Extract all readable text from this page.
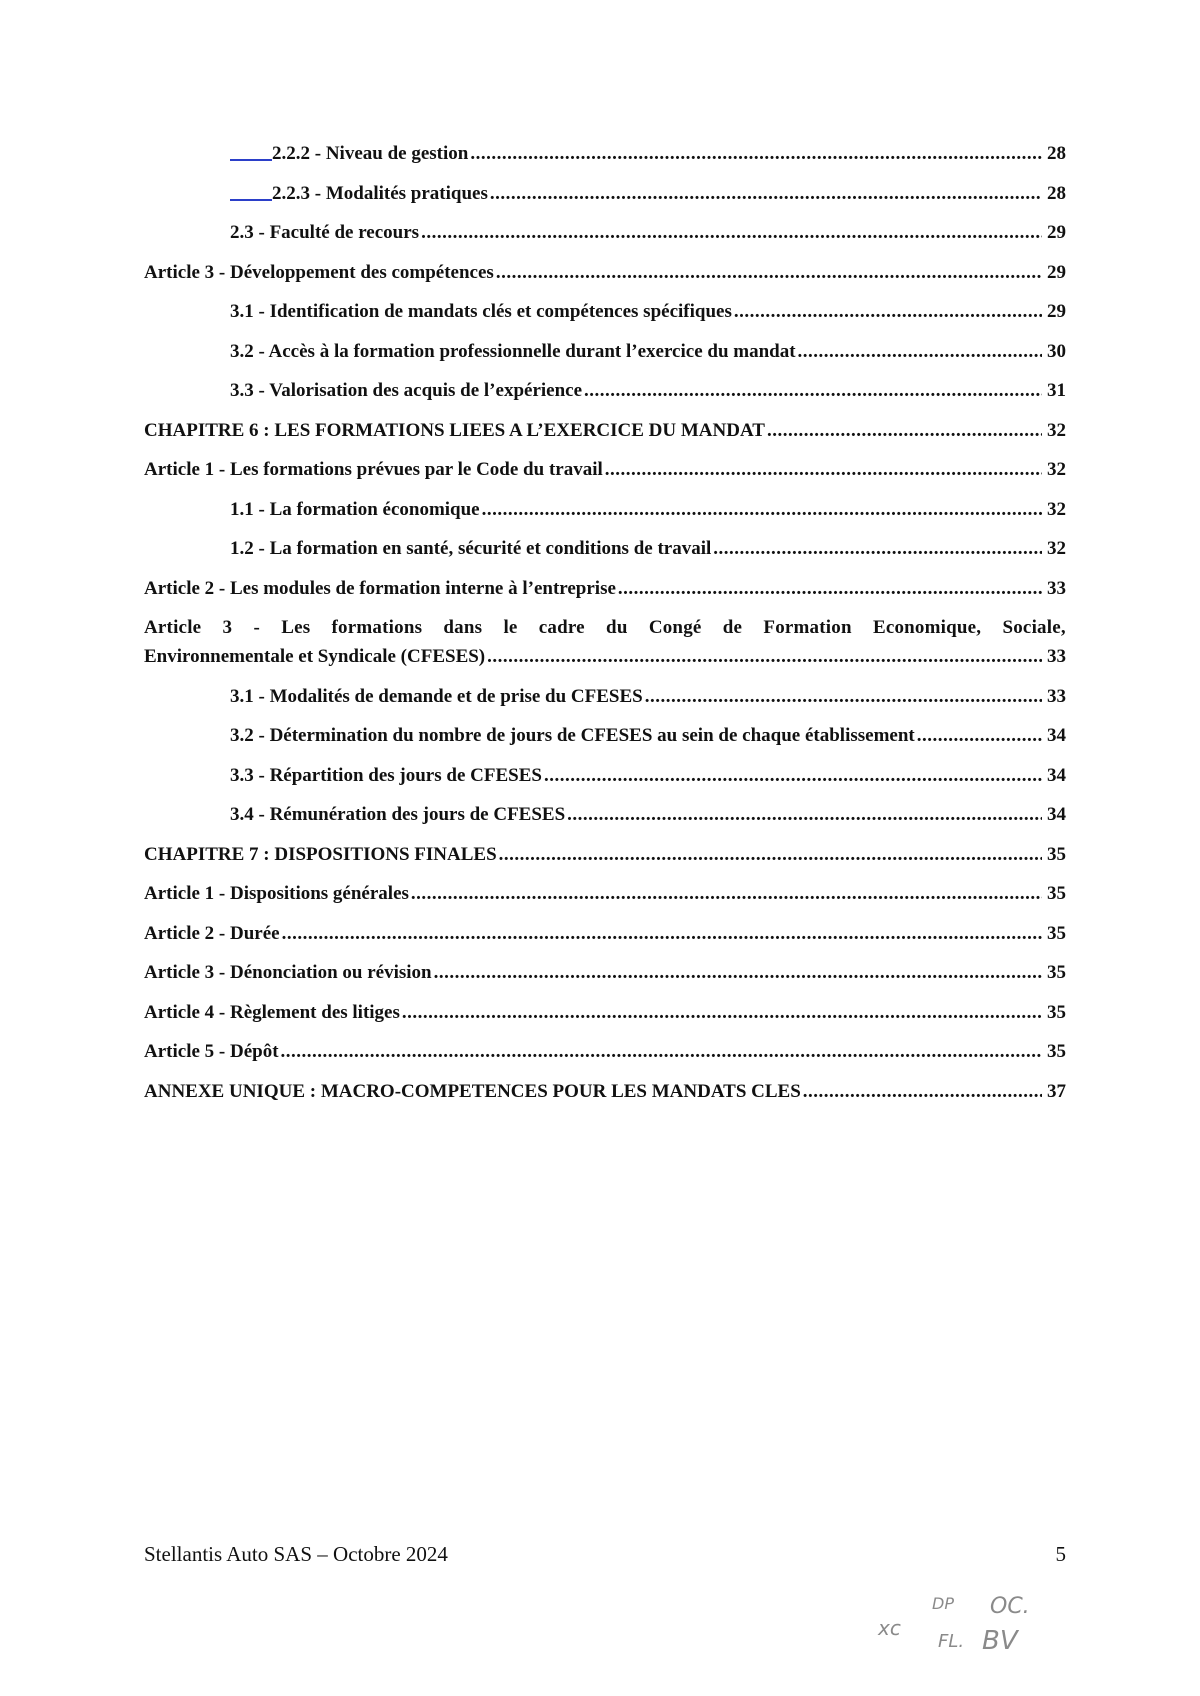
2.2.2 - Niveau de gestion .....	28
2.2.3 - Modalités pratiques .....	28
2.3 - Faculté de recours .....	29
Article 3 - Développement des compétences .....	29
3.1 - Identification de mandats clés et compétences spécifiques .....	29
3.2 - Accès à la formation professionnelle durant l’exercice du mandat .....	30
3.3 - Valorisation des acquis de l’expérience .....	31
CHAPITRE 6 : LES FORMATIONS LIEES A L’EXERCICE DU MANDAT .....	32
Article 1 - Les formations prévues par le Code du travail .....	32
1.1 - La formation économique .....	32
1.2 - La formation en santé, sécurité et conditions de travail .....	32
Article 2 - Les modules de formation interne à l’entreprise .....	33
Article 3 - Les formations dans le cadre du Congé de Formation Economique, Sociale,
Environnementale et Syndicale (CFESES) .....	33
3.1 - Modalités de demande et de prise du CFESES .....	33
3.2 - Détermination du nombre de jours de CFESES au sein de chaque établissement .....	34
3.3 - Répartition des jours de CFESES .....	34
3.4 - Rémunération des jours de CFESES .....	34
CHAPITRE 7 : DISPOSITIONS FINALES .....	35
Article 1 - Dispositions générales .....	35
Article 2 - Durée .....	35
Article 3 - Dénonciation ou révision .....	35
Article 4 - Règlement des litiges .....	35
Article 5 - Dépôt .....	35
ANNEXE UNIQUE : MACRO-COMPETENCES POUR LES MANDATS CLES .....	37
Stellantis Auto SAS – Octobre 2024	5
xc
DP OC.
FL. BV
